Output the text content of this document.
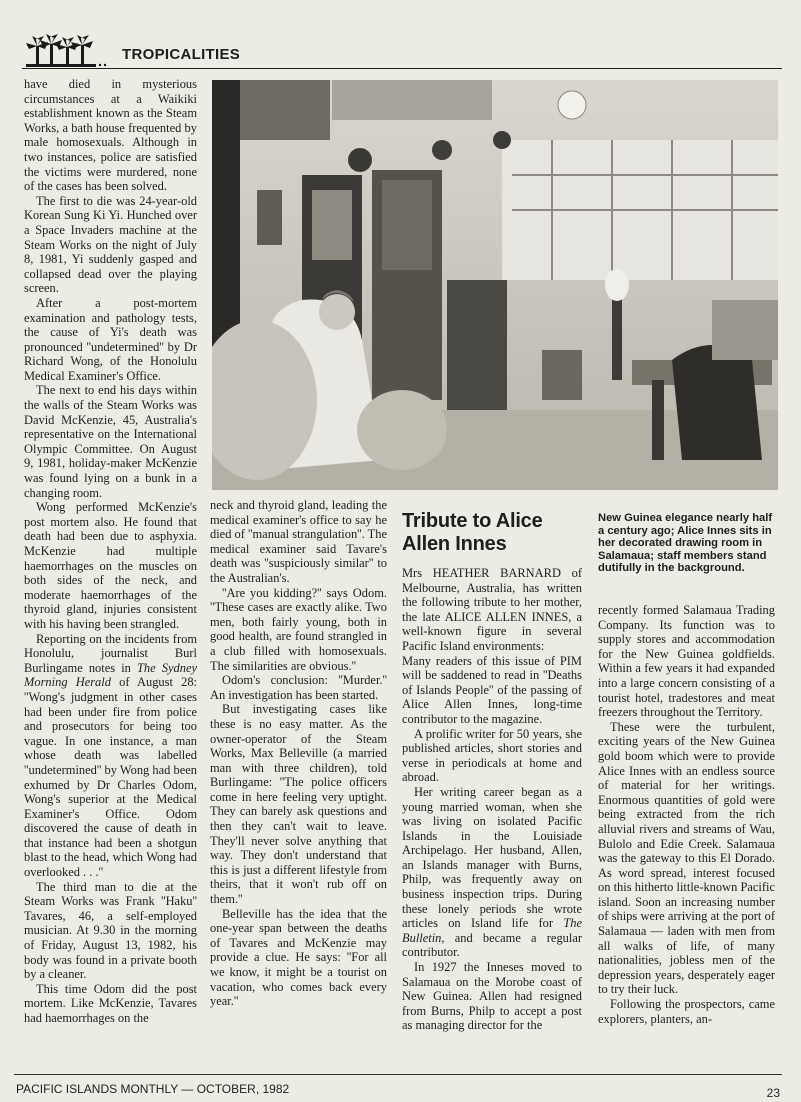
TROPICALITIES

have died in mysterious circumstances at a Waikiki establishment known as the Steam Works, a bath house frequented by male homosexuals. Although in two instances, police are satisfied the victims were murdered, none of the cases has been solved.

The first to die was 24-year-old Korean Sung Ki Yi. Hunched over a Space Invaders machine at the Steam Works on the night of July 8, 1981, Yi suddenly gasped and collapsed dead over the playing screen.

After a post-mortem examination and pathology tests, the cause of Yi's death was pronounced ''undetermined'' by Dr Richard Wong, of the Honolulu Medical Examiner's Office.

The next to end his days within the walls of the Steam Works was David McKenzie, 45, Australia's representative on the International Olympic Committee. On August 9, 1981, holiday-maker McKenzie was found lying on a bunk in a changing room.

Wong performed McKenzie's post mortem also. He found that death had been due to asphyxia. McKenzie had multiple haemorrhages on the muscles on both sides of the neck, and moderate haemorrhages of the thyroid gland, injuries consistent with his having been strangled.

Reporting on the incidents from Honolulu, journalist Burl Burlingame notes in The Sydney Morning Herald of August 28: ''Wong's judgment in other cases had been under fire from police and prosecutors for being too vague. In one instance, a man whose death was labelled ''undetermined'' by Wong had been exhumed by Dr Charles Odom, Wong's superior at the Medical Examiner's Office. Odom discovered the cause of death in that instance had been a shotgun blast to the head, which Wong had overlooked . . .''

The third man to die at the Steam Works was Frank ''Haku'' Tavares, 46, a self-employed musician. At 9.30 in the morning of Friday, August 13, 1982, his body was found in a private booth by a cleaner.

This time Odom did the post mortem. Like McKenzie, Tavares had haemorrhages on the

neck and thyroid gland, leading the medical examiner's office to say he died of ''manual strangulation''. The medical examiner said Tavare's death was ''suspiciously similar'' to the Australian's.

''Are you kidding?'' says Odom. ''These cases are exactly alike. Two men, both fairly young, both in good health, are found strangled in a club filled with homosexuals. The similarities are obvious.''

Odom's conclusion: ''Murder.'' An investigation has been started.

But investigating cases like these is no easy matter. As the owner-operator of the Steam Works, Max Belleville (a married man with three children), told Burlingame: ''The police officers come in here feeling very uptight. They can barely ask questions and then they can't wait to leave. They'll never solve anything that way. They don't understand that this is just a different lifestyle from theirs, that it won't rub off on them.''

Belleville has the idea that the one-year span between the deaths of Tavares and McKenzie may provide a clue. He says: ''For all we know, it might be a tourist on vacation, who comes back every year.''

Tribute to Alice Allen Innes

Mrs HEATHER BARNARD of Melbourne, Australia, has written the following tribute to her mother, the late ALICE ALLEN INNES, a well-known figure in several Pacific Island environments:

Many readers of this issue of PIM will be saddened to read in ''Deaths of Islands People'' of the passing of Alice Allen Innes, long-time contributor to the magazine.

A prolific writer for 50 years, she published articles, short stories and verse in periodicals at home and abroad.

Her writing career began as a young married woman, when she was living on isolated Pacific Islands in the Louisiade Archipelago. Her husband, Allen, an Islands manager with Burns, Philp, was frequently away on business inspection trips. During these lonely periods she wrote articles on Island life for The Bulletin, and became a regular contributor.

In 1927 the Inneses moved to Salamaua on the Morobe coast of New Guinea. Allen had resigned from Burns, Philp to accept a post as managing director for the

New Guinea elegance nearly half a century ago; Alice Innes sits in her decorated drawing room in Salamaua; staff members stand dutifully in the background.

recently formed Salamaua Trading Company. Its function was to supply stores and accommodation for the New Guinea goldfields. Within a few years it had expanded into a large concern consisting of a tourist hotel, tradestores and meat freezers throughout the Territory.

These were the turbulent, exciting years of the New Guinea gold boom which were to provide Alice Innes with an endless source of material for her writings. Enormous quantities of gold were being extracted from the rich alluvial rivers and streams of Wau, Bulolo and Edie Creek. Salamaua was the gateway to this El Dorado. As word spread, interest focused on this hitherto little-known Pacific island. Soon an increasing number of ships were arriving at the port of Salamaua — laden with men from all walks of life, of many nationalities, jobless men of the depression years, desperately eager to try their luck.

Following the prospectors, came explorers, planters, an-

PACIFIC ISLANDS MONTHLY — OCTOBER, 1982	23
